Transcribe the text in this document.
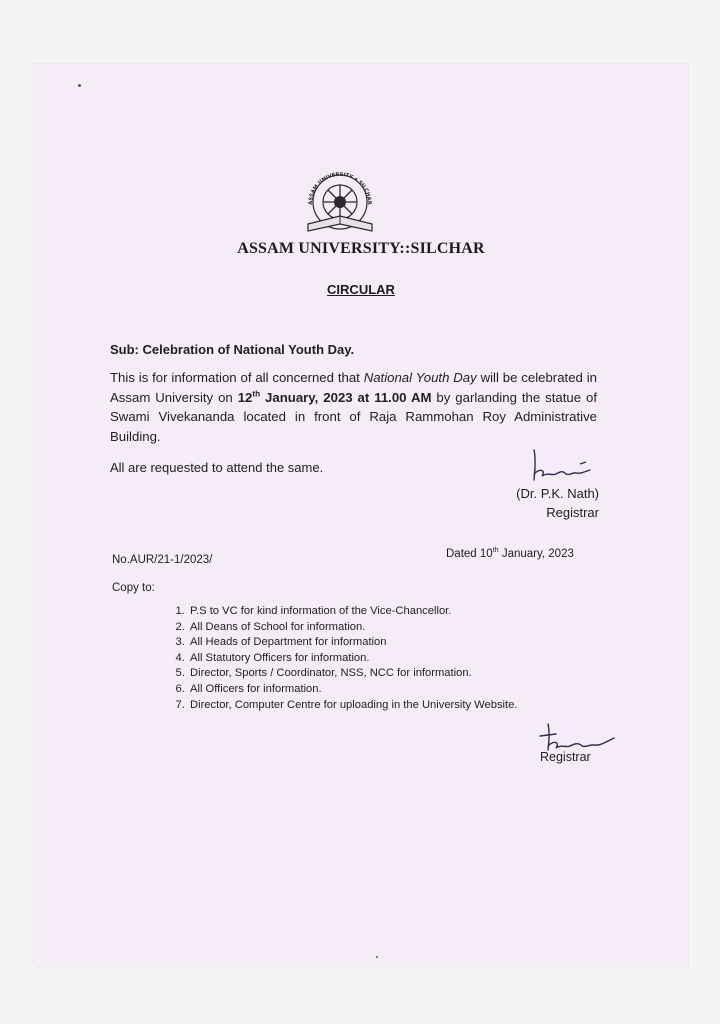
ASSAM UNIVERSITY • SILCHAR
ASSAM UNIVERSITY::SILCHAR
CIRCULAR

Sub: Celebration of National Youth Day.

This is for information of all concerned that National Youth Day will be celebrated in Assam University on 12th January, 2023 at 11.00 AM by garlanding the statue of Swami Vivekananda located in front of Raja Rammohan Roy Administrative Building.

All are requested to attend the same.

(Dr. P.K. Nath)
Registrar

No.AUR/21-1/2023/	Dated 10th January, 2023

Copy to:

1. P.S to VC for kind information of the Vice-Chancellor.
2. All Deans of School for information.
3. All Heads of Department for information
4. All Statutory Officers for information.
5. Director, Sports / Coordinator, NSS, NCC for information.
6. All Officers for information.
7. Director, Computer Centre for uploading in the University Website.

Registrar
